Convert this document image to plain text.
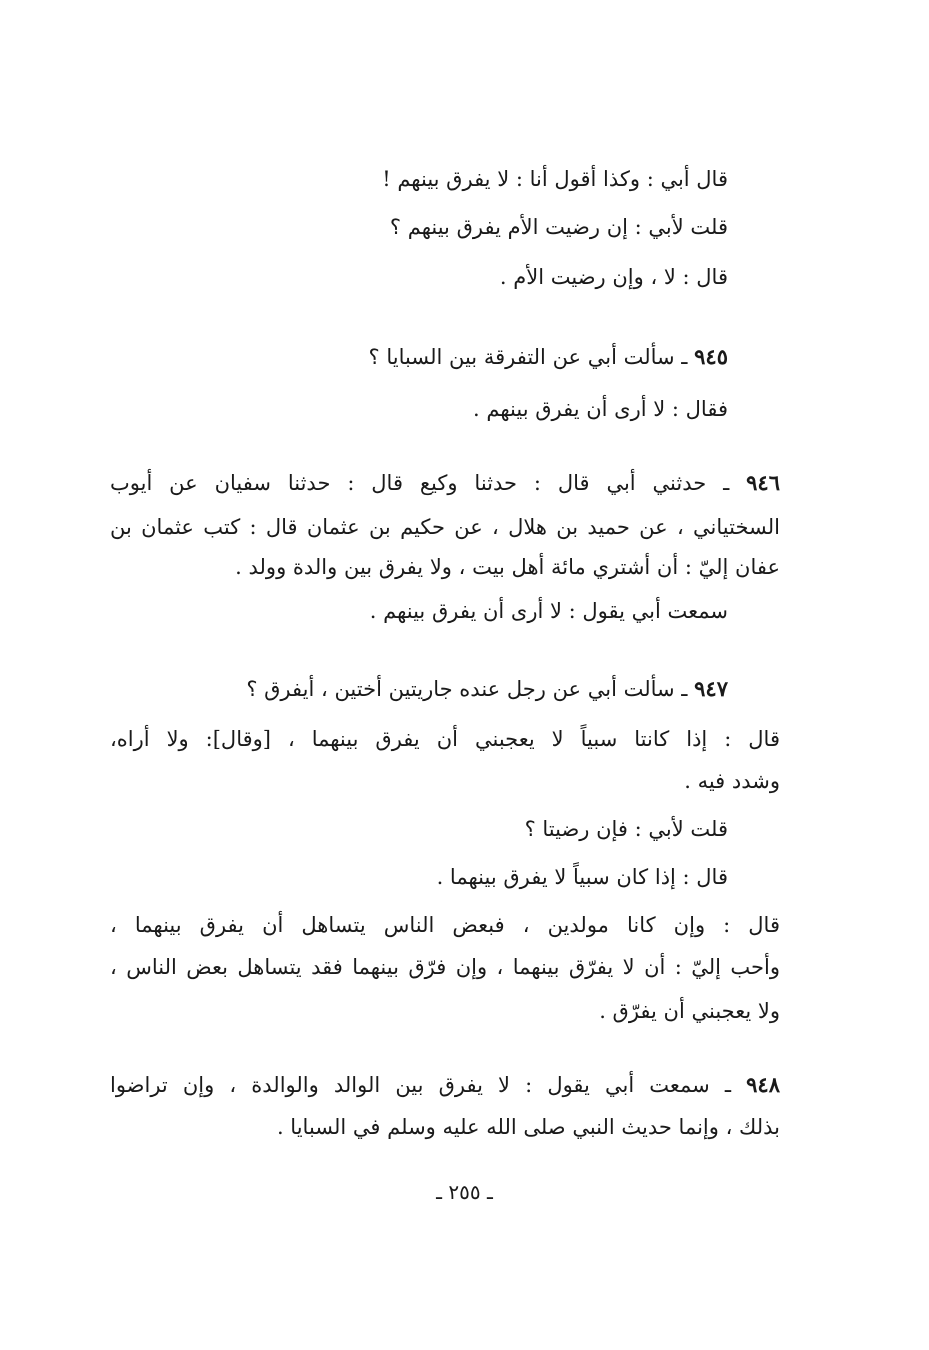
قال أبي : وكذا أقول أنا : لا يفرق بينهم !
قلت لأبي : إن رضيت الأم يفرق بينهم ؟
قال : لا ، وإن رضيت الأم .
٩٤٥ ـ سألت أبي عن التفرقة بين السبايا ؟
فقال : لا أرى أن يفرق بينهم .
٩٤٦ ـ حدثني أبي قال : حدثنا وكيع قال : حدثنا سفيان عن أيوب
السختياني ، عن حميد بن هلال ، عن حكيم بن عثمان قال : كتب عثمان بن
عفان إليّ : أن أشتري مائة أهل بيت ، ولا يفرق بين والدة وولد .
سمعت أبي يقول : لا أرى أن يفرق بينهم .
٩٤٧ ـ سألت أبي عن رجل عنده جاريتين أختين ، أيفرق ؟
قال : إذا كانتا سبياً لا يعجبني أن يفرق بينهما ، [وقال]: ولا أراه،
وشدد فيه .
قلت لأبي : فإن رضيتا ؟
قال : إذا كان سبياً لا يفرق بينهما .
قال : وإن كانا مولدين ، فبعض الناس يتساهل أن يفرق بينهما ،
وأحب إليّ : أن لا يفرّق بينهما ، وإن فرّق بينهما فقد يتساهل بعض الناس ،
ولا يعجبني أن يفرّق .
٩٤٨ ـ سمعت أبي يقول : لا يفرق بين الوالد والوالدة ، وإن تراضوا
بذلك ، وإنما حديث النبي صلى الله عليه وسلم في السبايا .
ـ ٢٥٥ ـ
